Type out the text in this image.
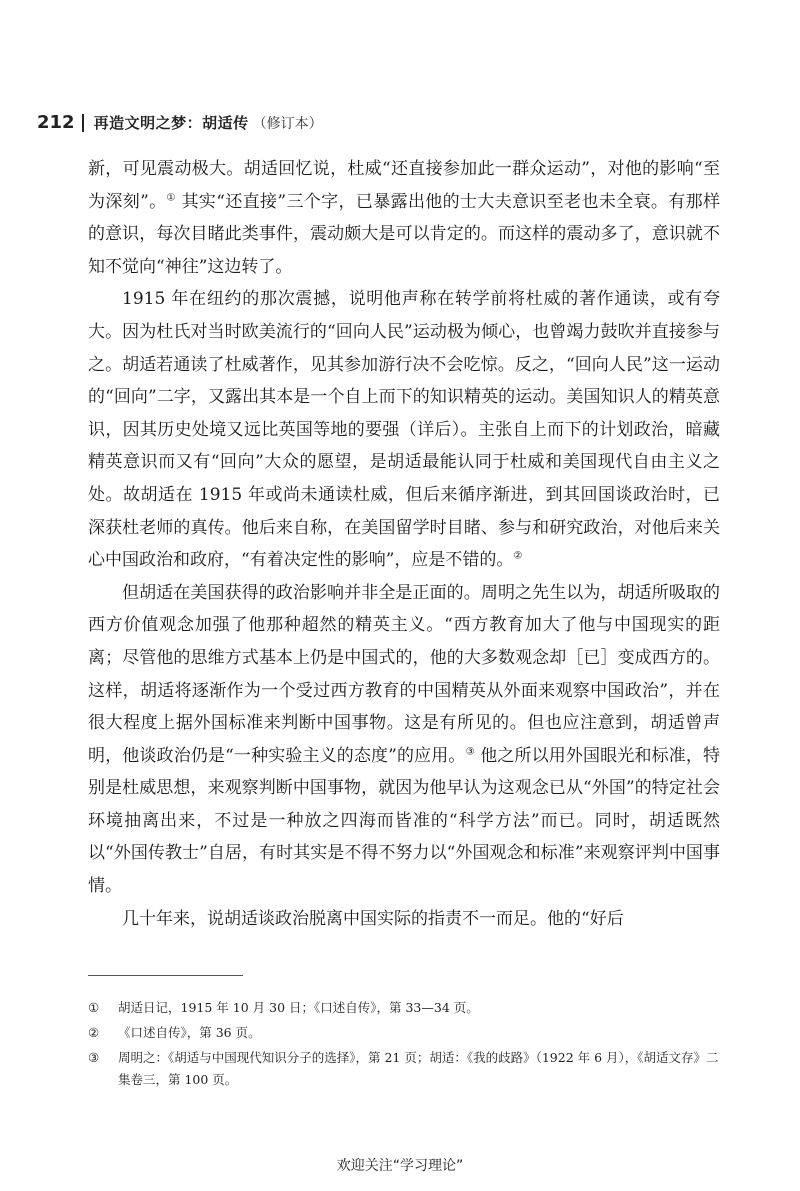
212 再造文明之梦：胡适传 （修订本）

新，可见震动极大。胡适回忆说，杜威“还直接参加此一群众运动”，对他的影响“至为深刻”。① 其实“还直接”三个字，已暴露出他的士大夫意识至老也未全衰。有那样的意识，每次目睹此类事件，震动颇大是可以肯定的。而这样的震动多了，意识就不知不觉向“神往”这边转了。

1915 年在纽约的那次震撼，说明他声称在转学前将杜威的著作通读，或有夸大。因为杜氏对当时欧美流行的“回向人民”运动极为倾心，也曾竭力鼓吹并直接参与之。胡适若通读了杜威著作，见其参加游行决不会吃惊。反之，“回向人民”这一运动的“回向”二字，又露出其本是一个自上而下的知识精英的运动。美国知识人的精英意识，因其历史处境又远比英国等地的要强（详后）。主张自上而下的计划政治，暗藏精英意识而又有“回向”大众的愿望，是胡适最能认同于杜威和美国现代自由主义之处。故胡适在 1915 年或尚未通读杜威，但后来循序渐进，到其回国谈政治时，已深获杜老师的真传。他后来自称，在美国留学时目睹、参与和研究政治，对他后来关心中国政治和政府，“有着决定性的影响”，应是不错的。②

但胡适在美国获得的政治影响并非全是正面的。周明之先生以为，胡适所吸取的西方价值观念加强了他那种超然的精英主义。“西方教育加大了他与中国现实的距离；尽管他的思维方式基本上仍是中国式的，他的大多数观念却［已］变成西方的。这样，胡适将逐渐作为一个受过西方教育的中国精英从外面来观察中国政治”，并在很大程度上据外国标准来判断中国事物。这是有所见的。但也应注意到，胡适曾声明，他谈政治仍是“一种实验主义的态度”的应用。③ 他之所以用外国眼光和标准，特别是杜威思想，来观察判断中国事物，就因为他早认为这观念已从“外国”的特定社会环境抽离出来，不过是一种放之四海而皆准的“科学方法”而已。同时，胡适既然以“外国传教士”自居，有时其实是不得不努力以“外国观念和标准”来观察评判中国事情。

几十年来，说胡适谈政治脱离中国实际的指责不一而足。他的“好后

①	胡适日记，1915 年 10 月 30 日；《口述自传》，第 33—34 页。
②	《口述自传》，第 36 页。
③	周明之：《胡适与中国现代知识分子的选择》，第 21 页；胡适：《我的歧路》（1922 年 6 月），《胡适文存》二集卷三，第 100 页。
欢迎关注“学习理论”
